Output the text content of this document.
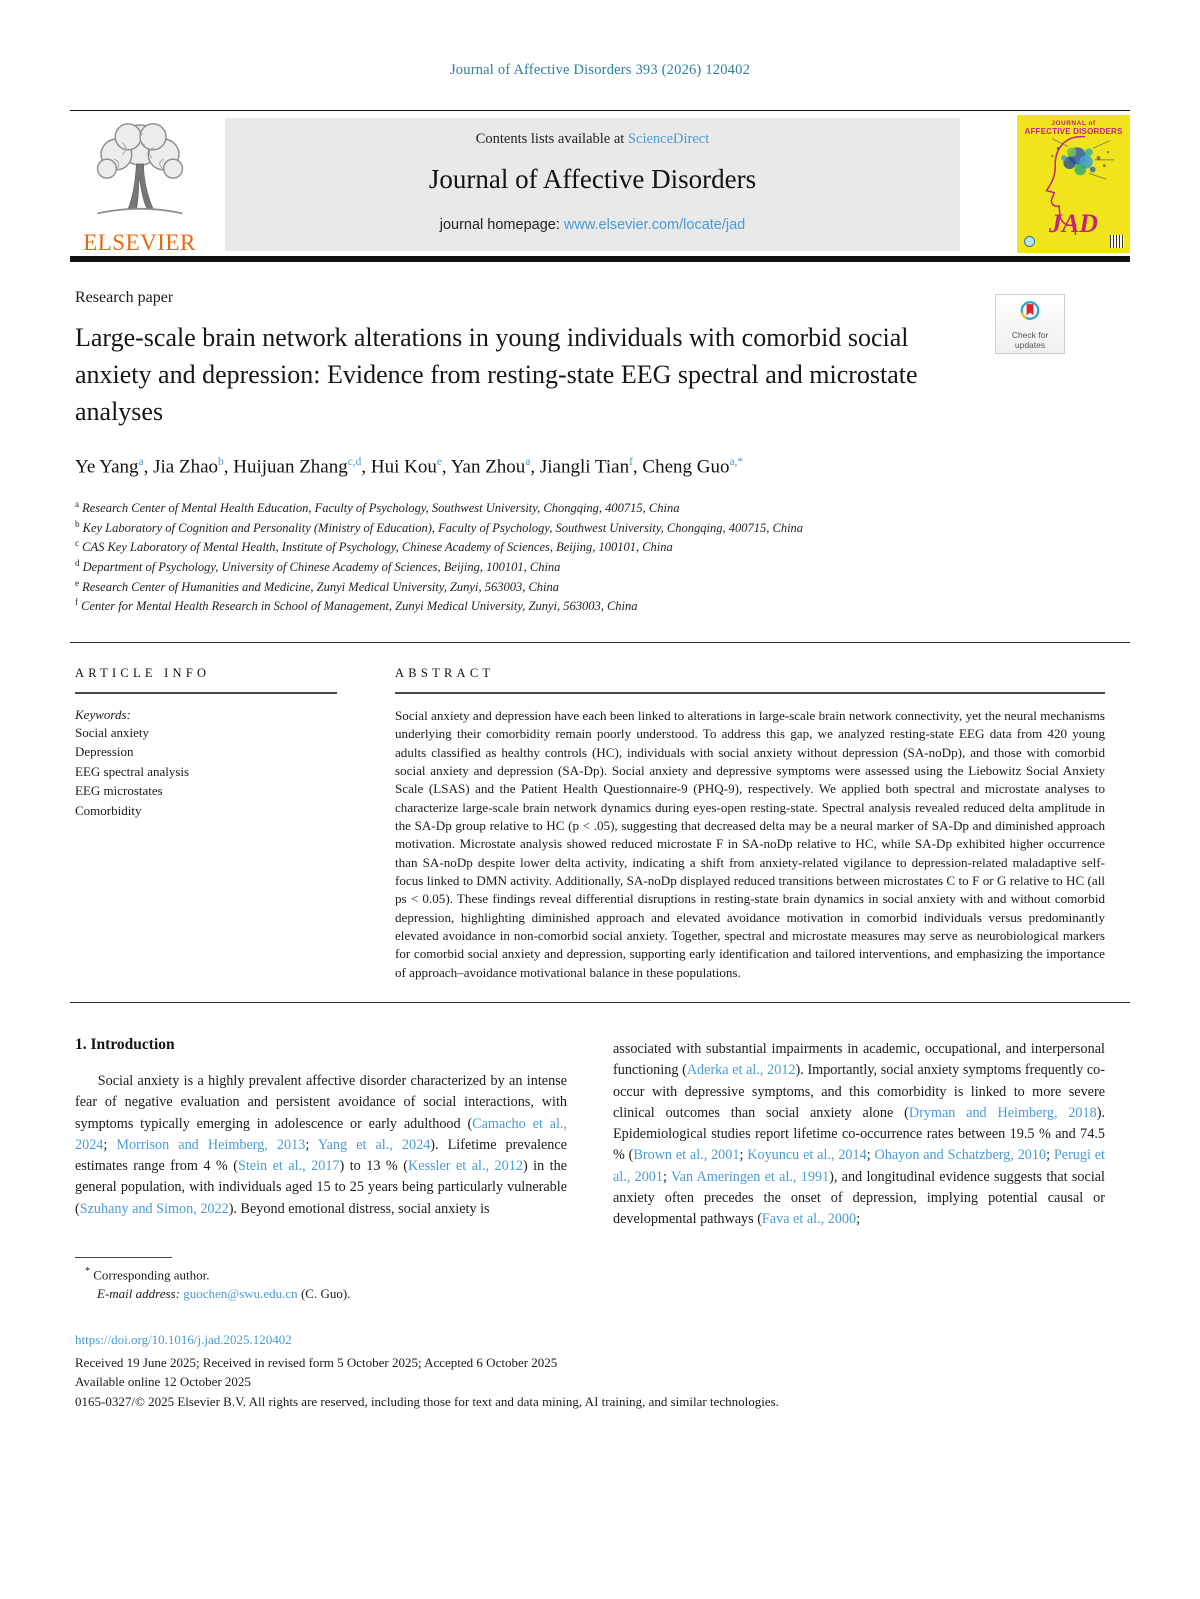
Journal of Affective Disorders 393 (2026) 120402
ELSEVIER
Contents lists available at ScienceDirect
Journal of Affective Disorders
journal homepage: www.elsevier.com/locate/jad
JOURNAL of
AFFECTIVE DISORDERS
JAD
Research paper
Large-scale brain network alterations in young individuals with comorbid social anxiety and depression: Evidence from resting-state EEG spectral and microstate analyses
Check for updates
Ye Yang$^a$, Jia Zhao$^b$, Huijuan Zhang$^{c,d}$, Hui Kou$^e$, Yan Zhou$^a$, Jiangli Tian$^f$, Cheng Guo$^{a,*}$
$^a$ Research Center of Mental Health Education, Faculty of Psychology, Southwest University, Chongqing, 400715, China
$^b$ Key Laboratory of Cognition and Personality (Ministry of Education), Faculty of Psychology, Southwest University, Chongqing, 400715, China
$^c$ CAS Key Laboratory of Mental Health, Institute of Psychology, Chinese Academy of Sciences, Beijing, 100101, China
$^d$ Department of Psychology, University of Chinese Academy of Sciences, Beijing, 100101, China
$^e$ Research Center of Humanities and Medicine, Zunyi Medical University, Zunyi, 563003, China
$^f$ Center for Mental Health Research in School of Management, Zunyi Medical University, Zunyi, 563003, China
ARTICLE INFO
Keywords:
Social anxiety
Depression
EEG spectral analysis
EEG microstates
Comorbidity
ABSTRACT

Social anxiety and depression have each been linked to alterations in large-scale brain network connectivity, yet the neural mechanisms underlying their comorbidity remain poorly understood. To address this gap, we analyzed resting-state EEG data from 420 young adults classified as healthy controls (HC), individuals with social anxiety without depression (SA-noDp), and those with comorbid social anxiety and depression (SA-Dp). Social anxiety and depressive symptoms were assessed using the Liebowitz Social Anxiety Scale (LSAS) and the Patient Health Questionnaire-9 (PHQ-9), respectively. We applied both spectral and microstate analyses to characterize large-scale brain network dynamics during eyes-open resting-state. Spectral analysis revealed reduced delta amplitude in the SA-Dp group relative to HC (p < .05), suggesting that decreased delta may be a neural marker of SA-Dp and diminished approach motivation. Microstate analysis showed reduced microstate F in SA-noDp relative to HC, while SA-Dp exhibited higher occurrence than SA-noDp despite lower delta activity, indicating a shift from anxiety-related vigilance to depression-related maladaptive self-focus linked to DMN activity. Additionally, SA-noDp displayed reduced transitions between microstates C to F or G relative to HC (all ps < 0.05). These findings reveal differential disruptions in resting-state brain dynamics in social anxiety with and without comorbid depression, highlighting diminished approach and elevated avoidance motivation in comorbid individuals versus predominantly elevated avoidance in non-comorbid social anxiety. Together, spectral and microstate measures may serve as neurobiological markers for comorbid social anxiety and depression, supporting early identification and tailored interventions, and emphasizing the importance of approach–avoidance motivational balance in these populations.

1. Introduction

Social anxiety is a highly prevalent affective disorder characterized by an intense fear of negative evaluation and persistent avoidance of social interactions, with symptoms typically emerging in adolescence or early adulthood (Camacho et al., 2024; Morrison and Heimberg, 2013; Yang et al., 2024). Lifetime prevalence estimates range from 4 % (Stein et al., 2017) to 13 % (Kessler et al., 2012) in the general population, with individuals aged 15 to 25 years being particularly vulnerable (Szuhany and Simon, 2022). Beyond emotional distress, social anxiety is

associated with substantial impairments in academic, occupational, and interpersonal functioning (Aderka et al., 2012). Importantly, social anxiety symptoms frequently co-occur with depressive symptoms, and this comorbidity is linked to more severe clinical outcomes than social anxiety alone (Dryman and Heimberg, 2018). Epidemiological studies report lifetime co-occurrence rates between 19.5 % and 74.5 % (Brown et al., 2001; Koyuncu et al., 2014; Ohayon and Schatzberg, 2010; Perugi et al., 2001; Van Ameringen et al., 1991), and longitudinal evidence suggests that social anxiety often precedes the onset of depression, implying potential causal or developmental pathways (Fava et al., 2000;

* Corresponding author.
E-mail address: guochen@swu.edu.cn (C. Guo).
https://doi.org/10.1016/j.jad.2025.120402
Received 19 June 2025; Received in revised form 5 October 2025; Accepted 6 October 2025
Available online 12 October 2025
0165-0327/© 2025 Elsevier B.V. All rights are reserved, including those for text and data mining, AI training, and similar technologies.
